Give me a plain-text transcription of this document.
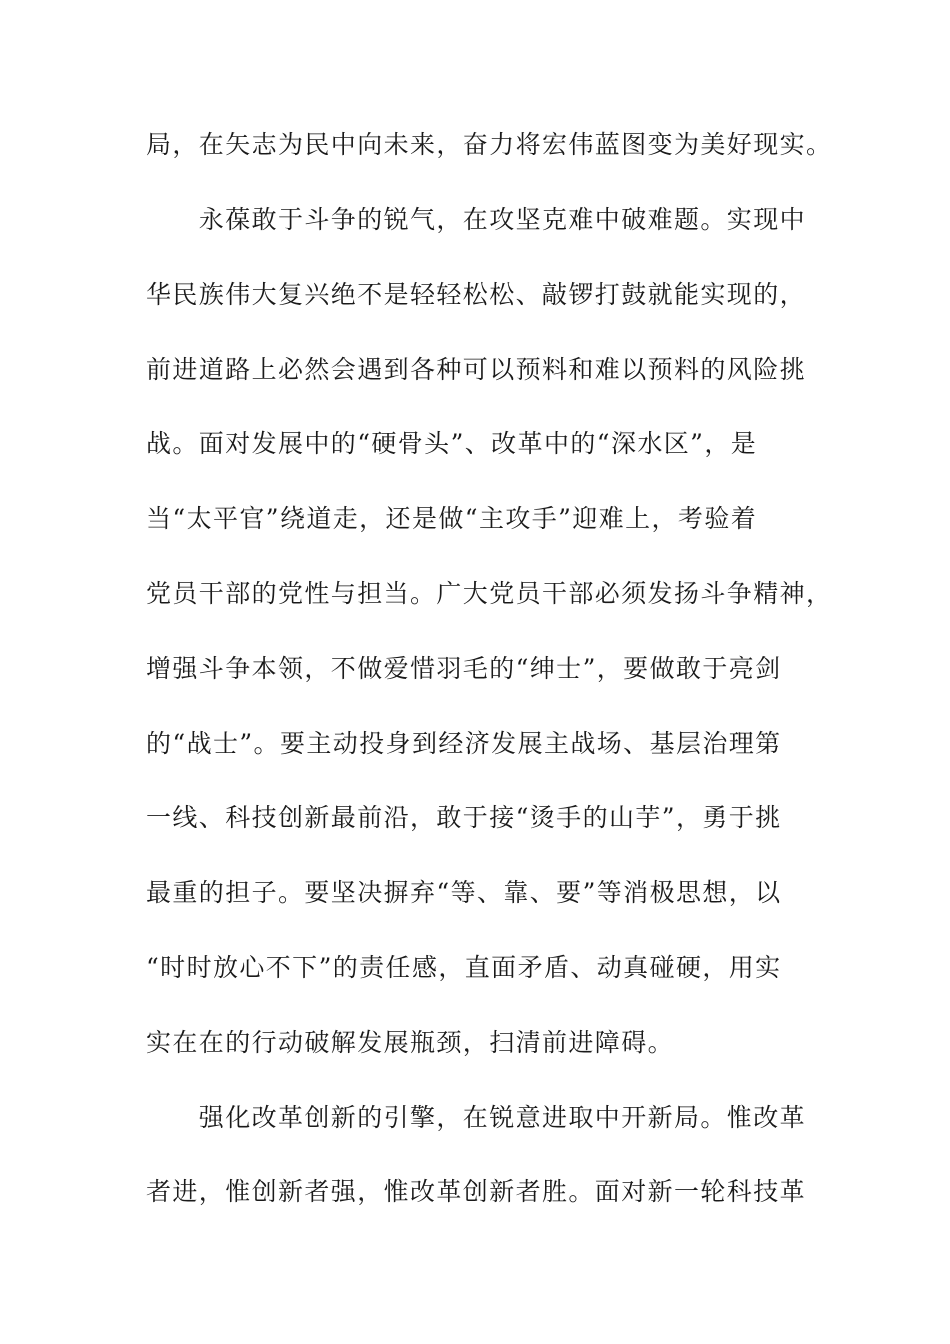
局，在矢志为民中向未来，奋力将宏伟蓝图变为美好现实。
　　永葆敢于斗争的锐气，在攻坚克难中破难题。实现中
华民族伟大复兴绝不是轻轻松松、敲锣打鼓就能实现的，
前进道路上必然会遇到各种可以预料和难以预料的风险挑
战。面对发展中的“硬骨头”、改革中的“深水区”，是
当“太平官”绕道走，还是做“主攻手”迎难上，考验着
党员干部的党性与担当。广大党员干部必须发扬斗争精神，
增强斗争本领，不做爱惜羽毛的“绅士”，要做敢于亮剑
的“战士”。要主动投身到经济发展主战场、基层治理第
一线、科技创新最前沿，敢于接“烫手的山芋”，勇于挑
最重的担子。要坚决摒弃“等、靠、要”等消极思想，以
“时时放心不下”的责任感，直面矛盾、动真碰硬，用实
实在在的行动破解发展瓶颈，扫清前进障碍。
　　强化改革创新的引擎，在锐意进取中开新局。惟改革
者进，惟创新者强，惟改革创新者胜。面对新一轮科技革
